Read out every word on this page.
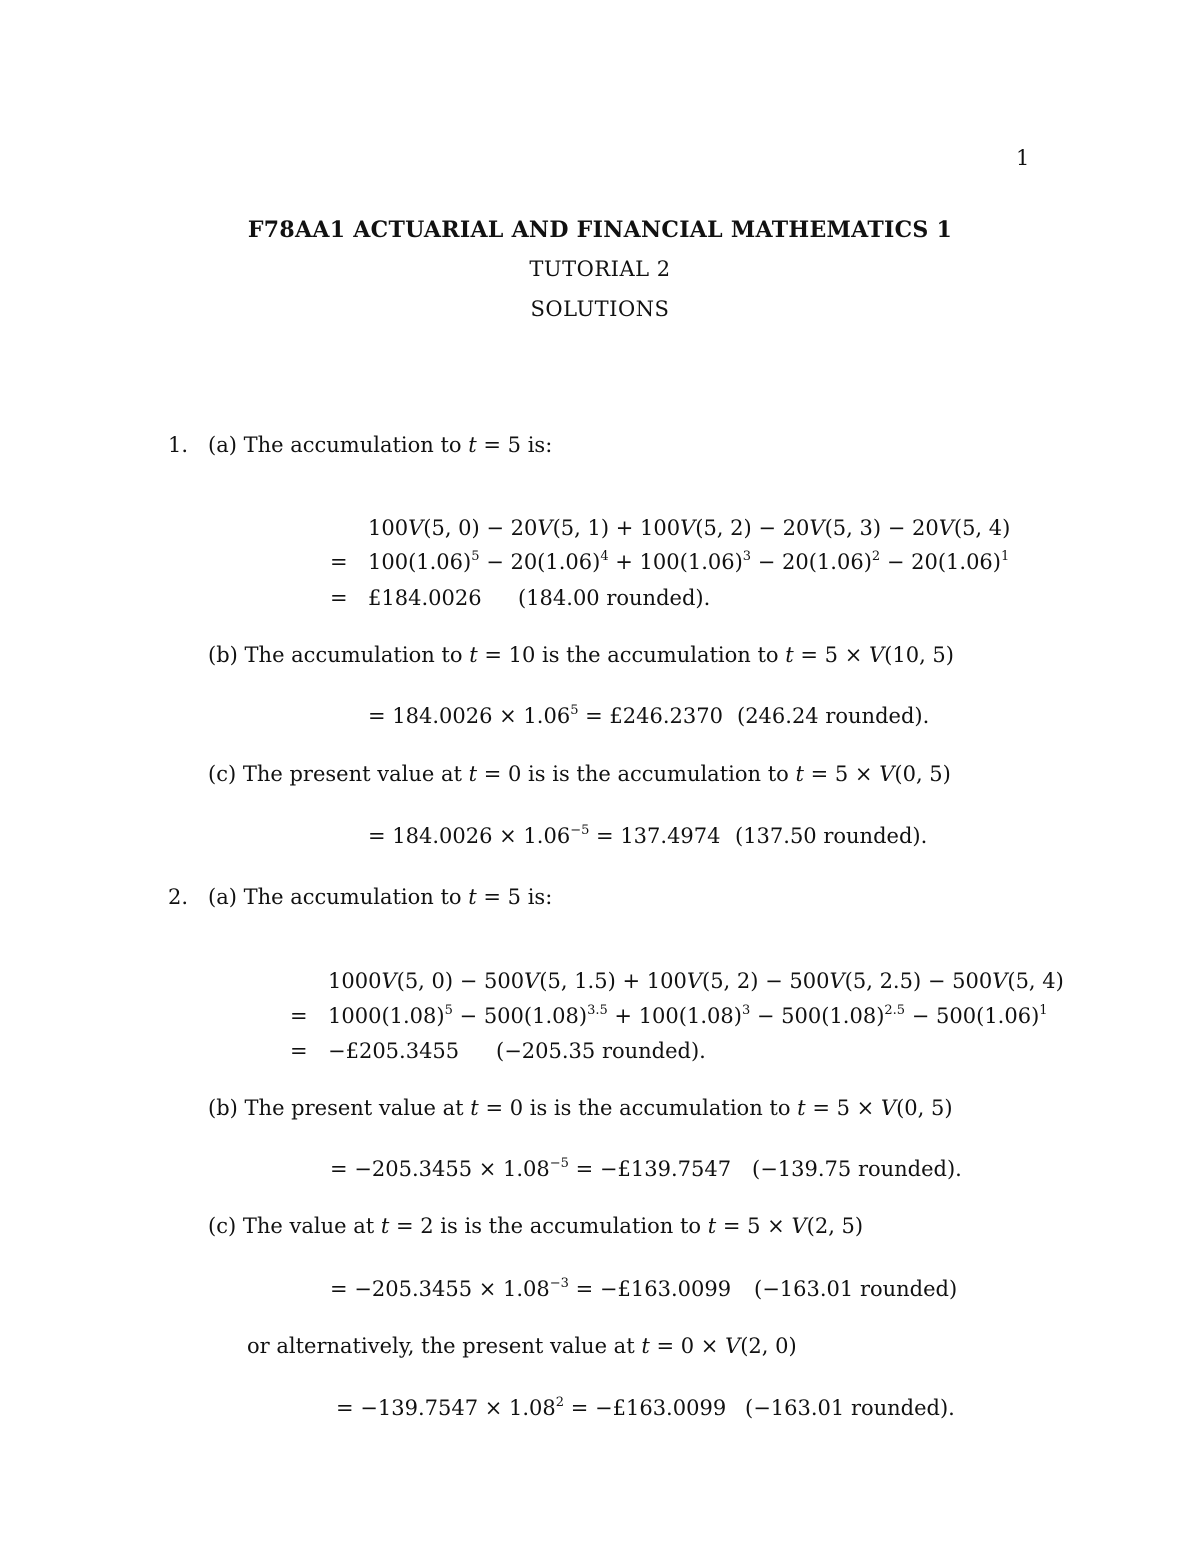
1
F78AA1 ACTUARIAL AND FINANCIAL MATHEMATICS 1
TUTORIAL 2
SOLUTIONS
1. (a) The accumulation to t = 5 is:
100V(5, 0) − 20V(5, 1) + 100V(5, 2) − 20V(5, 3) − 20V(5, 4)
= $100(1.06)^5 - 20(1.06)^4 + 100(1.06)^3 - 20(1.06)^2 - 20(1.06)^1$
= £184.0026 (184.00 rounded).
(b) The accumulation to t = 10 is the accumulation to t = 5 × V(10, 5)
= $184.0026 \times 1.06^5$ = £246.2370 (246.24 rounded).
(c) The present value at t = 0 is is the accumulation to t = 5 × V(0, 5)
= $184.0026 \times 1.06^{-5} = 137.4974$ (137.50 rounded).
2. (a) The accumulation to t = 5 is:
1000V(5, 0) − 500V(5, 1.5) + 100V(5, 2) − 500V(5, 2.5) − 500V(5, 4)
= $1000(1.08)^5 - 500(1.08)^{3.5} + 100(1.08)^3 - 500(1.08)^{2.5} - 500(1.06)^1$
= −£205.3455 (−205.35 rounded).
(b) The present value at t = 0 is is the accumulation to t = 5 × V(0, 5)
= $-205.3455 \times 1.08^{-5}$ = −£139.7547 (−139.75 rounded).
(c) The value at t = 2 is is the accumulation to t = 5 × V(2, 5)
= $-205.3455 \times 1.08^{-3}$ = −£163.0099 (−163.01 rounded)
or alternatively, the present value at t = 0 × V(2, 0)
= $-139.7547 \times 1.08^2$ = −£163.0099 (−163.01 rounded).
